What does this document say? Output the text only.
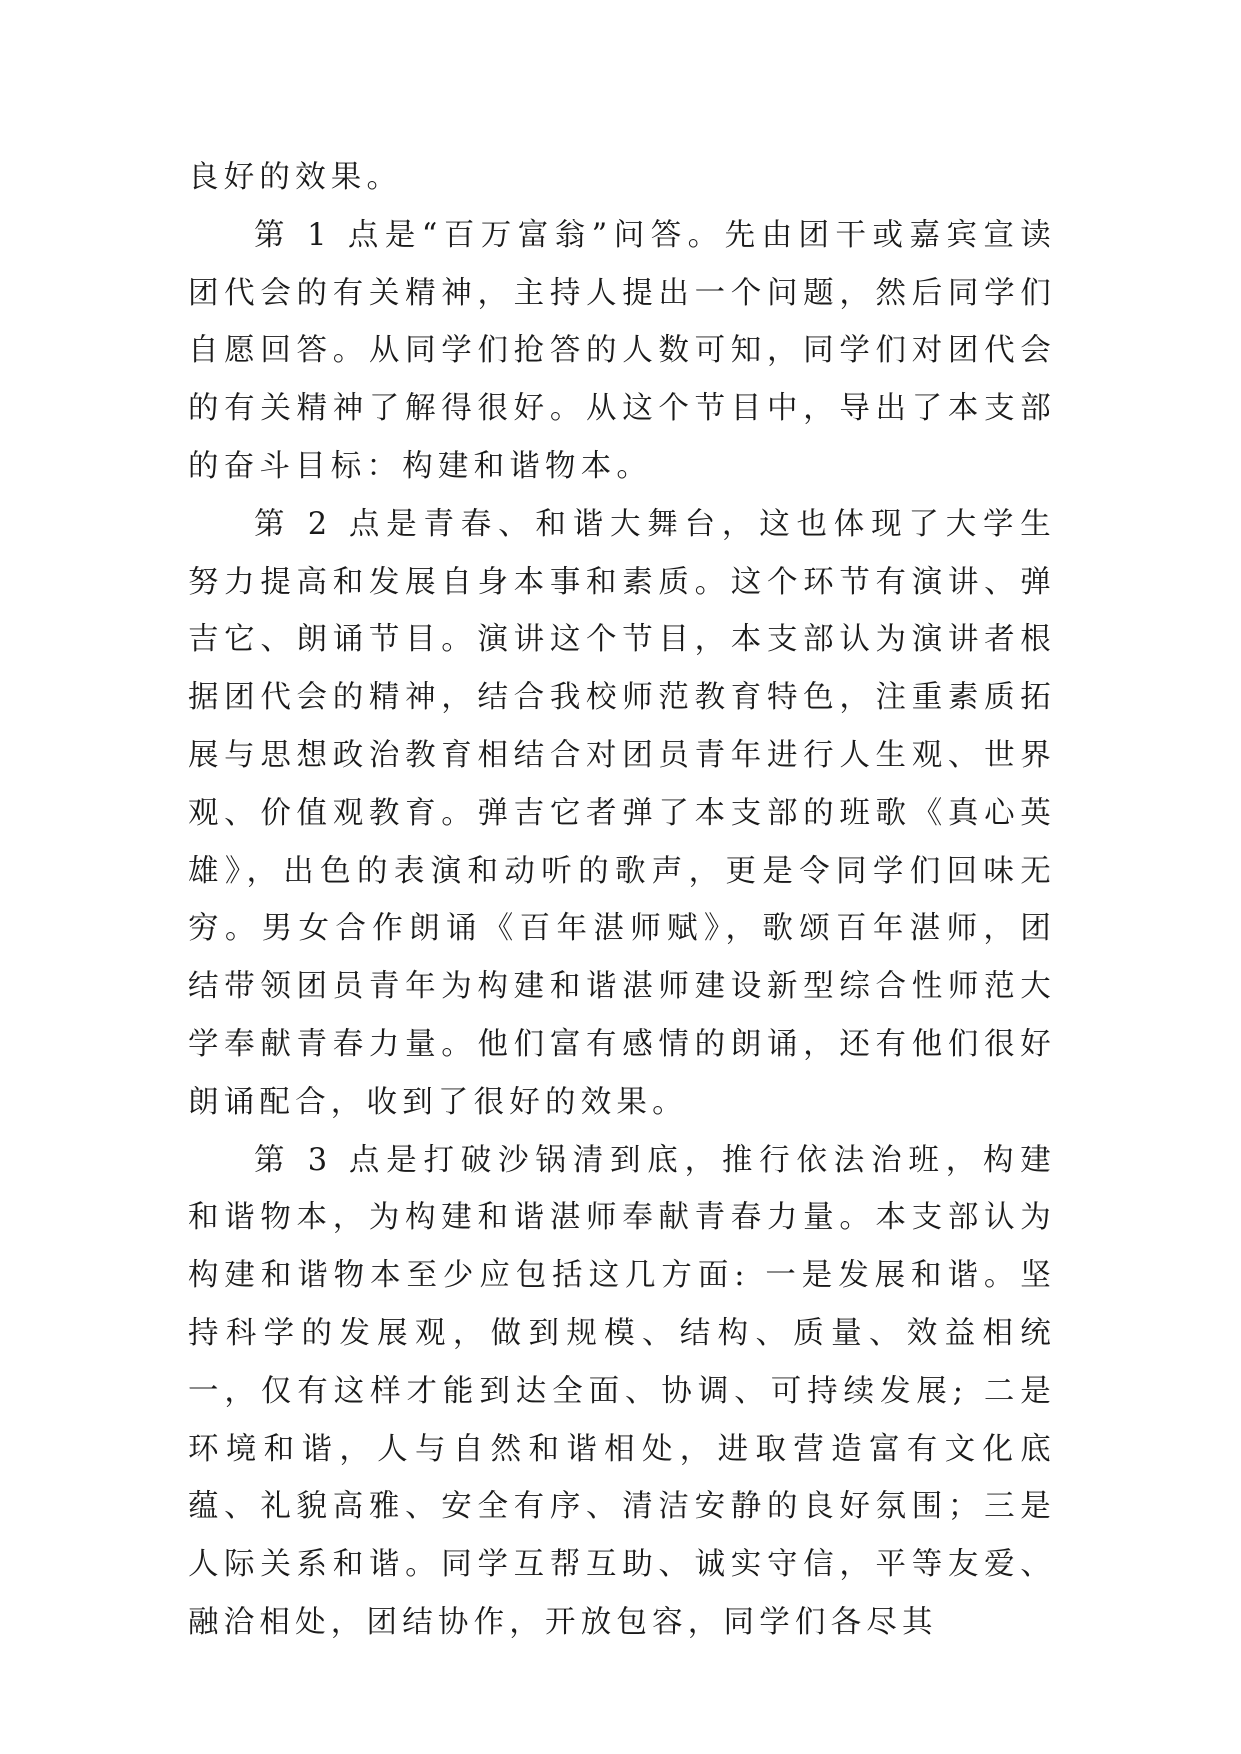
良好的效果。

第 1 点是“百万富翁”问答。先由团干或嘉宾宣读团代会的有关精神，主持人提出一个问题，然后同学们自愿回答。从同学们抢答的人数可知，同学们对团代会的有关精神了解得很好。从这个节目中，导出了本支部的奋斗目标：构建和谐物本。

第 2 点是青春、和谐大舞台，这也体现了大学生努力提高和发展自身本事和素质。这个环节有演讲、弹吉它、朗诵节目。演讲这个节目，本支部认为演讲者根据团代会的精神，结合我校师范教育特色，注重素质拓展与思想政治教育相结合对团员青年进行人生观、世界观、价值观教育。弹吉它者弹了本支部的班歌《真心英雄》，出色的表演和动听的歌声，更是令同学们回味无穷。男女合作朗诵《百年湛师赋》，歌颂百年湛师，团结带领团员青年为构建和谐湛师建设新型综合性师范大学奉献青春力量。他们富有感情的朗诵，还有他们很好朗诵配合，收到了很好的效果。

第 3 点是打破沙锅清到底，推行依法治班，构建和谐物本，为构建和谐湛师奉献青春力量。本支部认为构建和谐物本至少应包括这几方面: 一是发展和谐。坚持科学的发展观，做到规模、结构、质量、效益相统一，仅有这样才能到达全面、协调、可持续发展; 二是环境和谐，人与自然和谐相处，进取营造富有文化底蕴、礼貌高雅、安全有序、清洁安静的良好氛围；三是人际关系和谐。同学互帮互助、诚实守信，平等友爱、融洽相处，团结协作，开放包容，同学们各尽其
